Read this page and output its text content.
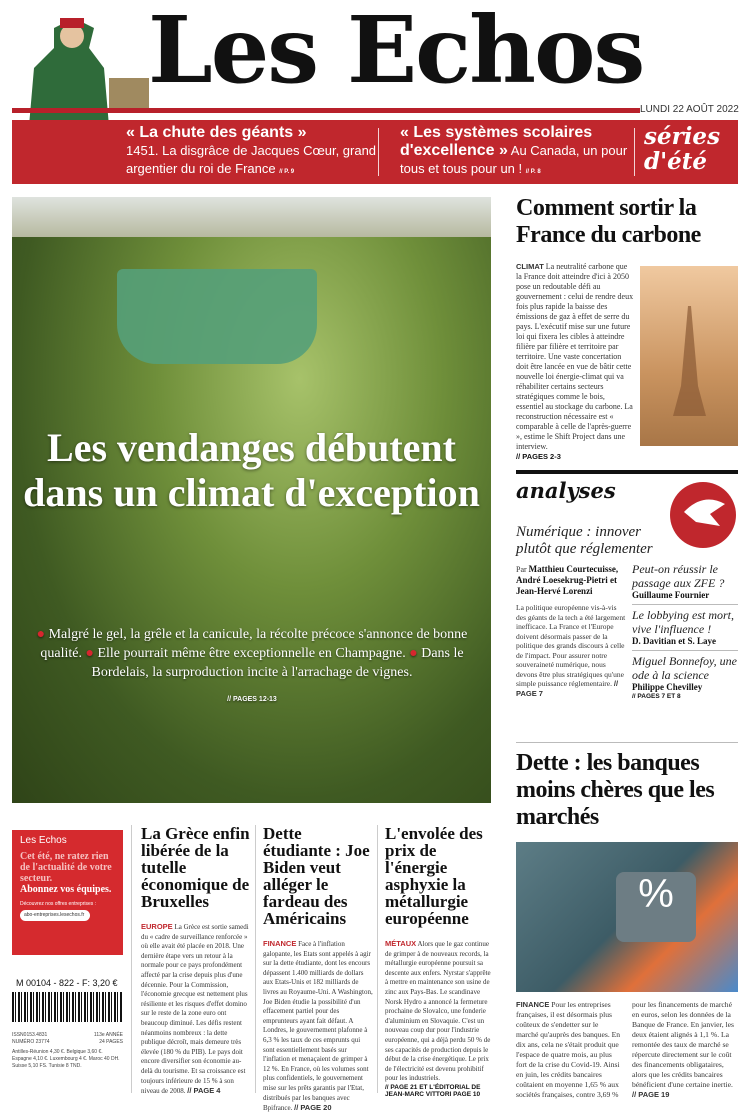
Les Echos
LUNDI 22 AOÛT 2022
« La chute des géants »
1451. La disgrâce de Jacques Cœur, grand argentier du roi de France // P. 9
« Les systèmes scolaires d'excellence » Au Canada, un pour tous et tous pour un ! // P. 8
séries d'été
Les vendanges débutent dans un climat d'exception
● Malgré le gel, la grêle et la canicule, la récolte précoce s'annonce de bonne qualité. ● Elle pourrait même être exceptionnelle en Champagne. ● Dans le Bordelais, la surproduction incite à l'arrachage de vignes.
// PAGES 12-13
Comment sortir la France du carbone

CLIMAT La neutralité carbone que la France doit atteindre d'ici à 2050 pose un redoutable défi au gouvernement : celui de rendre deux fois plus rapide la baisse des émissions de gaz à effet de serre du pays. L'exécutif mise sur une future loi qui fixera les cibles à atteindre filière par filière et territoire par territoire. Une vaste concertation doit être lancée en vue de bâtir cette nouvelle loi énergie-climat qui va réhabiliter certains secteurs stratégiques comme le bois, essentiel au stockage du carbone. La reconstruction nécessaire est « comparable à celle de l'après-guerre », estime le Shift Project dans une interview.

// PAGES 2-3
analyses
Numérique : innover plutôt que réglementer

Par Matthieu Courtecuisse, André Loesekrug-Pietri et Jean-Hervé Lorenzi

La politique européenne vis-à-vis des géants de la tech a été largement inefficace. La France et l'Europe doivent désormais passer de la politique des grands discours à celle de l'impact. Pour assurer notre souveraineté numérique, nous devons être plus stratégiques qu'une simple puissance réglementaire. // PAGE 7

Peut-on réussir le passage aux ZFE ?
Guillaume Fournier
Le lobbying est mort, vive l'influence !
D. Davitian et S. Laye
Miguel Bonnefoy, une ode à la science
Philippe Chevilley
// PAGES 7 ET 8
Dette : les banques moins chères que les marchés
%
FINANCE Pour les entreprises françaises, il est désormais plus coûteux de s'endetter sur le marché qu'auprès des banques. En dix ans, cela ne s'était produit que l'espace de quatre mois, au plus fort de la crise du Covid-19. Ainsi en juin, les crédits bancaires coûtaient en moyenne 1,65 % aux sociétés françaises, contre 3,69 % pour les financements de marché en euros, selon les données de la Banque de France. En janvier, les deux étaient alignés à 1,1 %. La remontée des taux de marché se répercute directement sur le coût des financements obligataires, alors que les crédits bancaires bénéficient d'une certaine inertie. // PAGE 19
Les Echos
Cet été, ne ratez rien de l'actualité de votre secteur.
Abonnez vos équipes.
Découvrez nos offres entreprises :
abo-entreprises.lesechos.fr
M 00104 - 822 - F: 3,20 €
ISSN0153.4831	113e ANNÉE
NUMÉRO 23774	24 PAGES
Antilles-Réunion 4,30 €. Belgique 3,60 €. Espagne 4,10 €. Luxembourg 4 €. Maroc 40 DH. Suisse 5,10 FS. Tunisie 8 TND.
La Grèce enfin libérée de la tutelle économique de Bruxelles

EUROPE La Grèce est sortie samedi du « cadre de surveillance renforcée » où elle avait été placée en 2018. Une dernière étape vers un retour à la normale pour ce pays profondément affecté par la crise depuis plus d'une décennie. Pour la Commission, l'économie grecque est nettement plus résiliente et les risques d'effet domino sur le reste de la zone euro ont beaucoup diminué. Les défis restent néanmoins nombreux : la dette publique décroît, mais demeure très élevée (180 % du PIB). Le pays doit encore diversifier son économie au-delà du tourisme. Et sa croissance est toujours inférieure de 15 % à son niveau de 2008. // PAGE 4

Dette étudiante : Joe Biden veut alléger le fardeau des Américains

FINANCE Face à l'inflation galopante, les Etats sont appelés à agir sur la dette étudiante, dont les encours dépassent 1.400 milliards de dollars aux Etats-Unis et 182 milliards de livres au Royaume-Uni. A Washington, Joe Biden étudie la possibilité d'un effacement partiel pour des emprunteurs ayant fait défaut. A Londres, le gouvernement plafonne à 6,3 % les taux de ces emprunts qui sont essentiellement basés sur l'inflation et menaçaient de grimper à 12 %. En France, où les volumes sont plus confidentiels, le gouvernement mise sur les prêts garantis par l'Etat, distribués par les banques avec Bpifrance. // PAGE 20

L'envolée des prix de l'énergie asphyxie la métallurgie européenne

MÉTAUX Alors que le gaz continue de grimper à de nouveaux records, la métallurgie européenne poursuit sa descente aux enfers. Nyrstar s'apprête à mettre en maintenance son usine de zinc aux Pays-Bas. Le scandinave Norsk Hydro a annoncé la fermeture prochaine de Slovalco, une fonderie d'aluminium en Slovaquie. C'est un nouveau coup dur pour l'industrie européenne, qui a déjà perdu 50 % de ses capacités de production depuis le début de la crise énergétique. Le prix de l'électricité est devenu prohibitif pour les industriels.

// PAGE 21 ET L'ÉDITORIAL DE JEAN-MARC VITTORI PAGE 10
